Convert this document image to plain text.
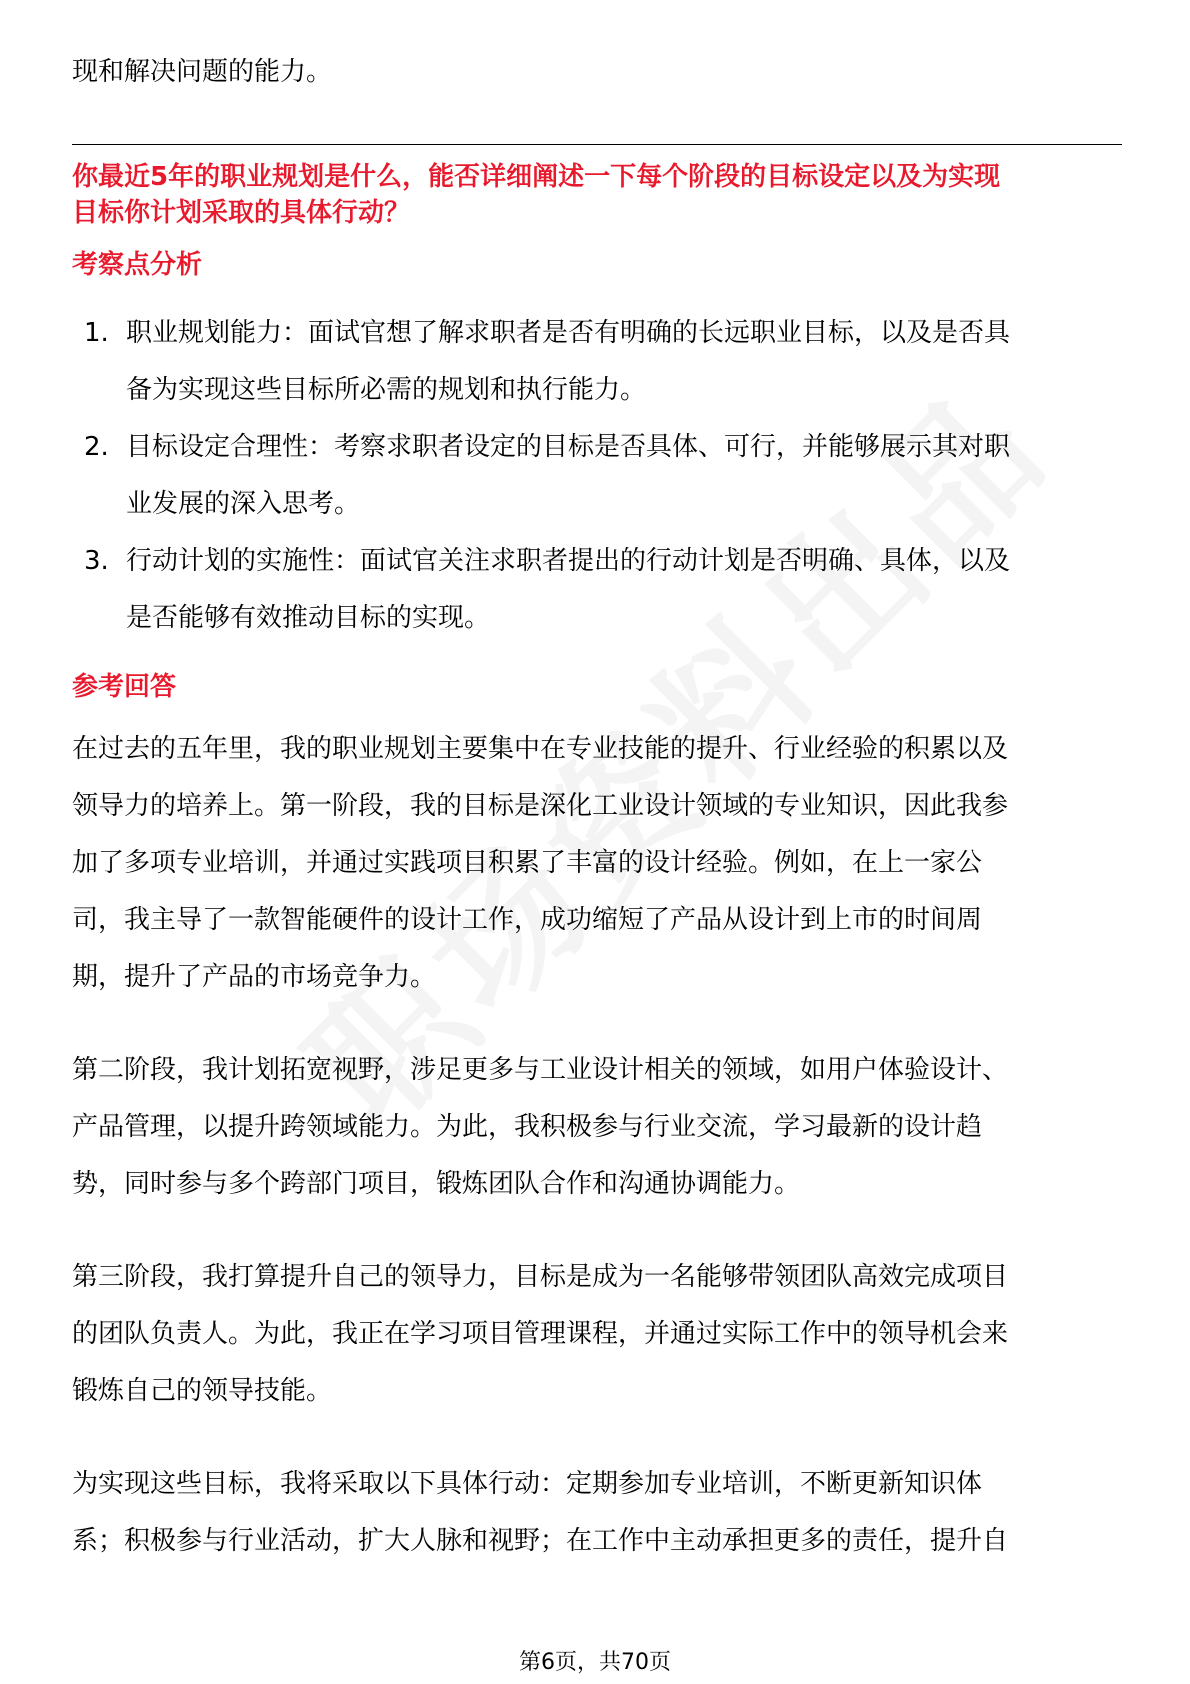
现和解决问题的能力。
你最近5年的职业规划是什么，能否详细阐述一下每个阶段的目标设定以及为实现
目标你计划采取的具体行动？
考察点分析
1. 职业规划能力：面试官想了解求职者是否有明确的长远职业目标，以及是否具
备为实现这些目标所必需的规划和执行能力。
2. 目标设定合理性：考察求职者设定的目标是否具体、可行，并能够展示其对职
业发展的深入思考。
3. 行动计划的实施性：面试官关注求职者提出的行动计划是否明确、具体，以及
是否能够有效推动目标的实现。
参考回答
在过去的五年里，我的职业规划主要集中在专业技能的提升、行业经验的积累以及
领导力的培养上。第一阶段，我的目标是深化工业设计领域的专业知识，因此我参
加了多项专业培训，并通过实践项目积累了丰富的设计经验。例如，在上一家公
司，我主导了一款智能硬件的设计工作，成功缩短了产品从设计到上市的时间周
期，提升了产品的市场竞争力。
第二阶段，我计划拓宽视野，涉足更多与工业设计相关的领域，如用户体验设计、
产品管理，以提升跨领域能力。为此，我积极参与行业交流，学习最新的设计趋
势，同时参与多个跨部门项目，锻炼团队合作和沟通协调能力。
第三阶段，我打算提升自己的领导力，目标是成为一名能够带领团队高效完成项目
的团队负责人。为此，我正在学习项目管理课程，并通过实际工作中的领导机会来
锻炼自己的领导技能。
为实现这些目标，我将采取以下具体行动：定期参加专业培训，不断更新知识体
系；积极参与行业活动，扩大人脉和视野；在工作中主动承担更多的责任，提升自
第6页，共70页
